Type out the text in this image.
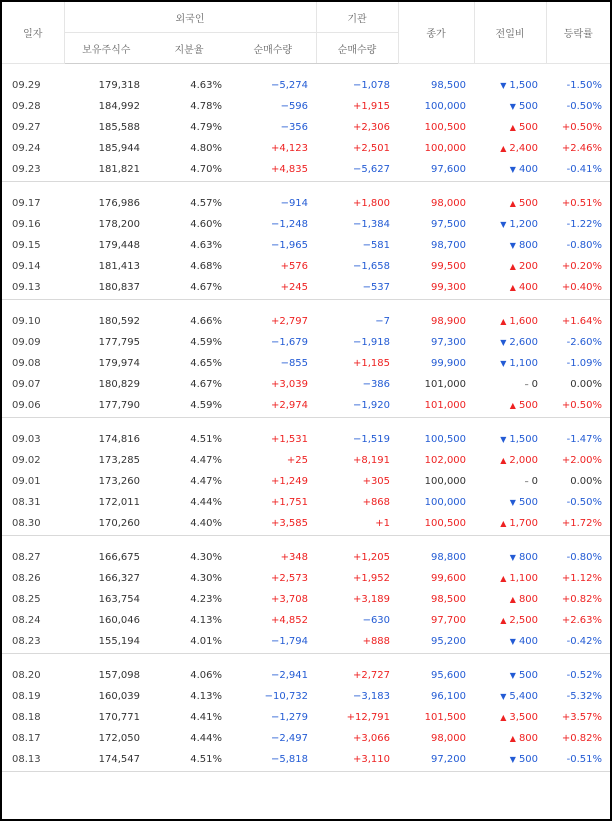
일자	외국인			기관	종가	전일비	등락률
	보유주식수	지분율	순매수량	순매수량			

09.29	179,318	4.63%	−5,274	−1,078	98,500	▼ 1,500	-1.50%
09.28	184,992	4.78%	−596	+1,915	100,000	▼ 500	-0.50%
09.27	185,588	4.79%	−356	+2,306	100,500	▲ 500	+0.50%
09.24	185,944	4.80%	+4,123	+2,501	100,000	▲ 2,400	+2.46%
09.23	181,821	4.70%	+4,835	−5,627	97,600	▼ 400	-0.41%

09.17	176,986	4.57%	−914	+1,800	98,000	▲ 500	+0.51%
09.16	178,200	4.60%	−1,248	−1,384	97,500	▼ 1,200	-1.22%
09.15	179,448	4.63%	−1,965	−581	98,700	▼ 800	-0.80%
09.14	181,413	4.68%	+576	−1,658	99,500	▲ 200	+0.20%
09.13	180,837	4.67%	+245	−537	99,300	▲ 400	+0.40%

09.10	180,592	4.66%	+2,797	−7	98,900	▲ 1,600	+1.64%
09.09	177,795	4.59%	−1,679	−1,918	97,300	▼ 2,600	-2.60%
09.08	179,974	4.65%	−855	+1,185	99,900	▼ 1,100	-1.09%
09.07	180,829	4.67%	+3,039	−386	101,000	– 0	0.00%
09.06	177,790	4.59%	+2,974	−1,920	101,000	▲ 500	+0.50%

09.03	174,816	4.51%	+1,531	−1,519	100,500	▼ 1,500	-1.47%
09.02	173,285	4.47%	+25	+8,191	102,000	▲ 2,000	+2.00%
09.01	173,260	4.47%	+1,249	+305	100,000	– 0	0.00%
08.31	172,011	4.44%	+1,751	+868	100,000	▼ 500	-0.50%
08.30	170,260	4.40%	+3,585	+1	100,500	▲ 1,700	+1.72%

08.27	166,675	4.30%	+348	+1,205	98,800	▼ 800	-0.80%
08.26	166,327	4.30%	+2,573	+1,952	99,600	▲ 1,100	+1.12%
08.25	163,754	4.23%	+3,708	+3,189	98,500	▲ 800	+0.82%
08.24	160,046	4.13%	+4,852	−630	97,700	▲ 2,500	+2.63%
08.23	155,194	4.01%	−1,794	+888	95,200	▼ 400	-0.42%

08.20	157,098	4.06%	−2,941	+2,727	95,600	▼ 500	-0.52%
08.19	160,039	4.13%	−10,732	−3,183	96,100	▼ 5,400	-5.32%
08.18	170,771	4.41%	−1,279	+12,791	101,500	▲ 3,500	+3.57%
08.17	172,050	4.44%	−2,497	+3,066	98,000	▲ 800	+0.82%
08.13	174,547	4.51%	−5,818	+3,110	97,200	▼ 500	-0.51%
